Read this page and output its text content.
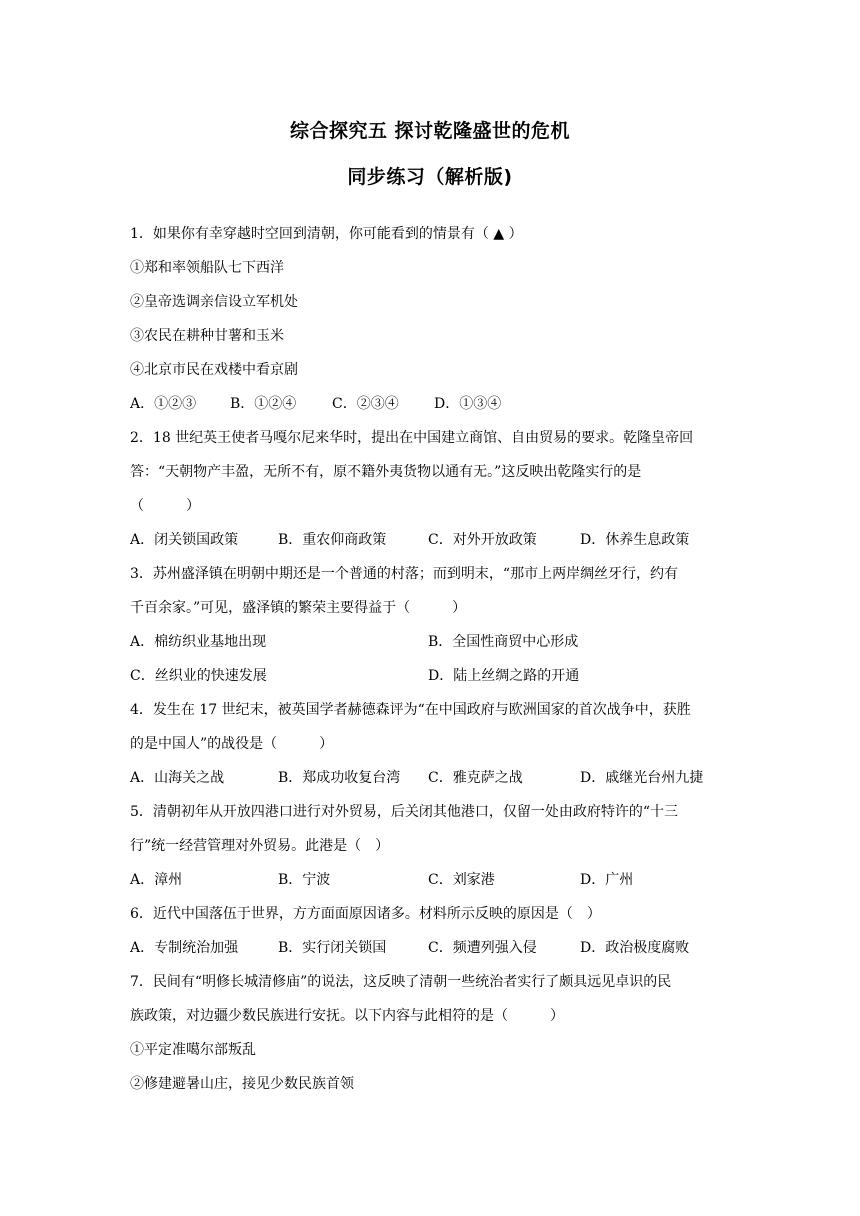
综合探究五 探讨乾隆盛世的危机
同步练习（解析版)
1．如果你有幸穿越时空回到清朝，你可能看到的情景有（ ▲ ）
①郑和率领船队七下西洋
②皇帝选调亲信设立军机处
③农民在耕种甘薯和玉米
④北京市民在戏楼中看京剧
A．①②③ B．①②④	C．②③④	D．①③④
2．18 世纪英王使者马嘎尔尼来华时，提出在中国建立商馆、自由贸易的要求。乾隆皇帝回
答：“天朝物产丰盈，无所不有，原不籍外夷货物以通有无。”这反映出乾隆实行的是
（　　　）
A．闭关锁国政策	B．重农仰商政策	C．对外开放政策	D．休养生息政策
3．苏州盛泽镇在明朝中期还是一个普通的村落；而到明末，“那市上两岸绸丝牙行，约有
千百余家。”可见，盛泽镇的繁荣主要得益于（　　　）
A．棉纺织业基地出现	B．全国性商贸中心形成
C．丝织业的快速发展	D．陆上丝绸之路的开通
4．发生在 17 世纪末，被英国学者赫德森评为“在中国政府与欧洲国家的首次战争中，获胜
的是中国人”的战役是（　　　）
A．山海关之战	B．郑成功收复台湾 C．雅克萨之战	D．戚继光台州九捷
5．清朝初年从开放四港口进行对外贸易，后关闭其他港口，仅留一处由政府特许的“十三
行”统一经营管理对外贸易。此港是（　）
A．漳州	B．宁波	C．刘家港	D．广州
6．近代中国落伍于世界，方方面面原因诸多。材料所示反映的原因是（　）
A．专制统治加强	B．实行闭关锁国	C．频遭列强入侵	D．政治极度腐败
7．民间有“明修长城清修庙”的说法，这反映了清朝一些统治者实行了颇具远见卓识的民
族政策，对边疆少数民族进行安抚。以下内容与此相符的是（　　　）
①平定准噶尔部叛乱
②修建避暑山庄，接见少数民族首领
